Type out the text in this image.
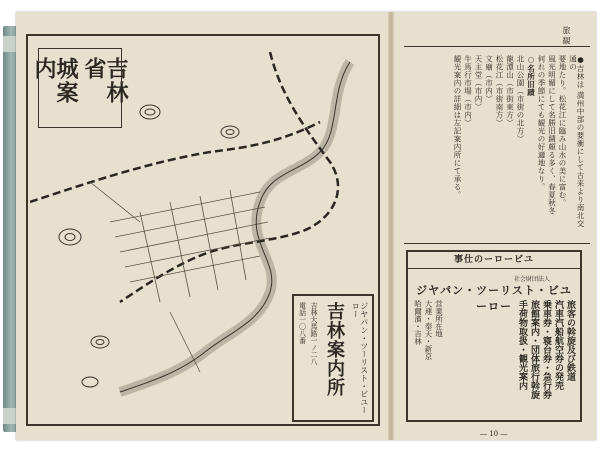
吉林省
城案内
ジヤパン・ツーリスト・ビユーロー
吉林案内所
吉林大馬路一ノ二八
電話一〇八番
旅 観
●吉林は 満州中部の要衝にして古来より南北交通の
要地たり。松花江に臨み山水の美に富む。
風光明媚にして名勝旧蹟頗る多く、春夏秋冬
何れの季節にても観光の好適地なり。
○名所旧蹟
北山公園（市街の北方）
龍潭山（市街東方）
松花江（市街南方）
文廟（市内）
天主堂（市内）
牛馬行市場（市内）
観光案内の詳細は左記案内所にて承る。
事仕のーロービユ
社会財団法人
ジヤパン・ツーリスト・ビユーロー	旅客の斡旋及び鉄道
汽車汽船航空券の発売
乗車券・寝台券・急行券
旅館案内・団体旅行斡旋
手荷物取扱・観光案内
営業所在地
大連・奉天・新京
哈爾濱・吉林
― 10 ―
